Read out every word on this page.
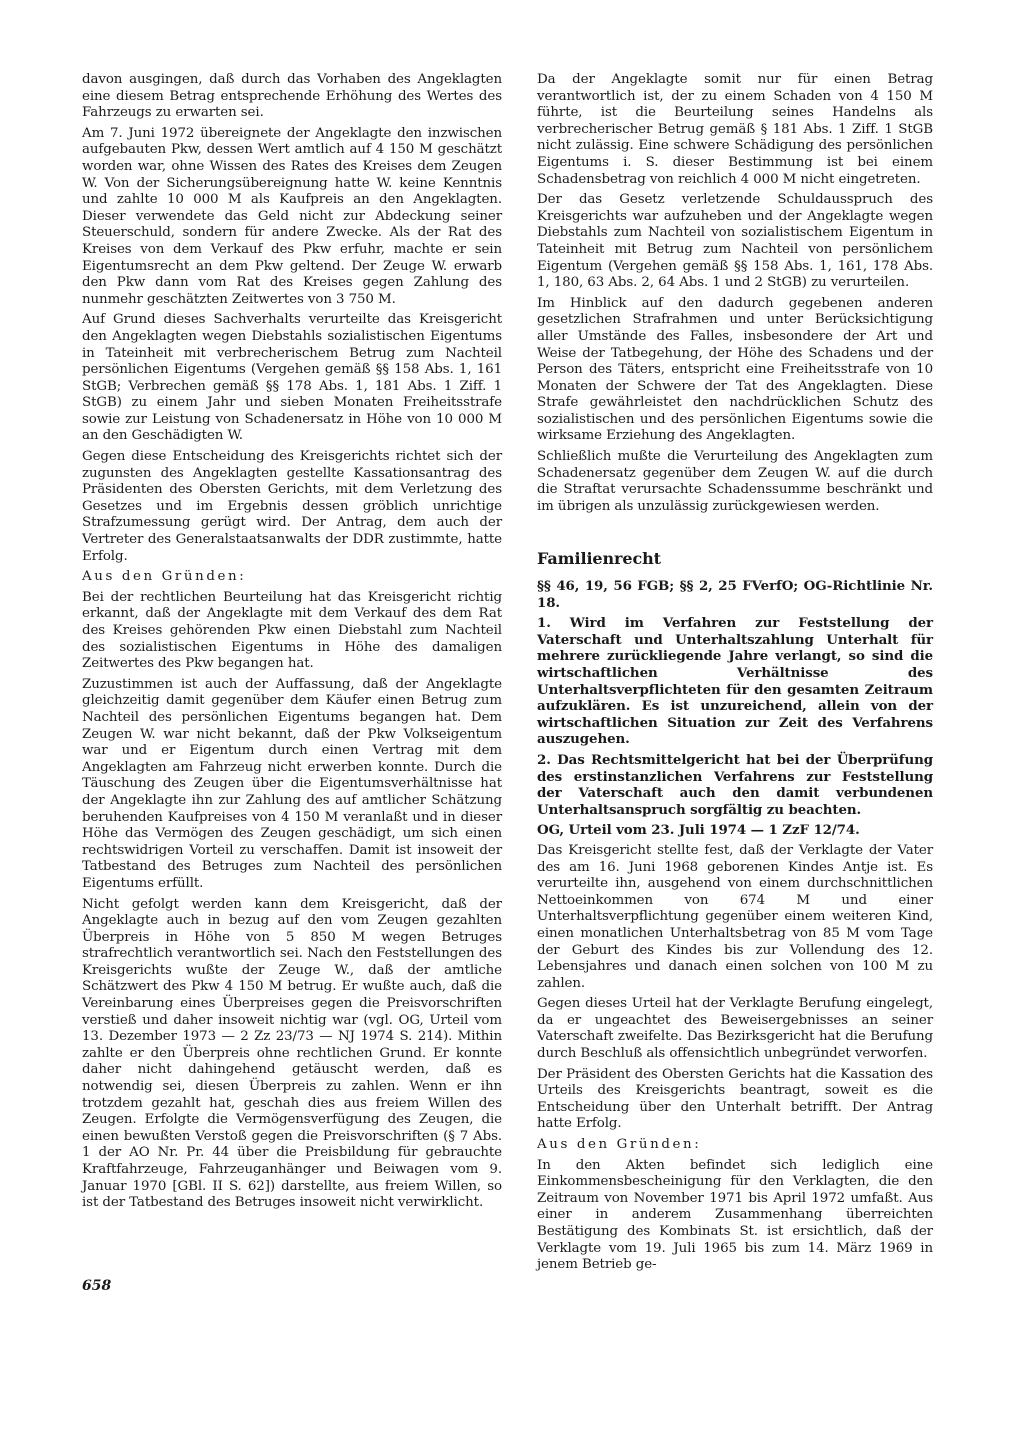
davon ausgingen, daß durch das Vorhaben des Angeklagten eine diesem Betrag entsprechende Erhöhung des Wertes des Fahrzeugs zu erwarten sei.

Am 7. Juni 1972 übereignete der Angeklagte den inzwischen aufgebauten Pkw, dessen Wert amtlich auf 4 150 M geschätzt worden war, ohne Wissen des Rates des Kreises dem Zeugen W. Von der Sicherungsübereignung hatte W. keine Kenntnis und zahlte 10 000 M als Kaufpreis an den Angeklagten. Dieser verwendete das Geld nicht zur Abdeckung seiner Steuerschuld, sondern für andere Zwecke. Als der Rat des Kreises von dem Verkauf des Pkw erfuhr, machte er sein Eigentumsrecht an dem Pkw geltend. Der Zeuge W. erwarb den Pkw dann vom Rat des Kreises gegen Zahlung des nunmehr geschätzten Zeitwertes von 3 750 M.

Auf Grund dieses Sachverhalts verurteilte das Kreisgericht den Angeklagten wegen Diebstahls sozialistischen Eigentums in Tateinheit mit verbrecherischem Betrug zum Nachteil persönlichen Eigentums (Vergehen gemäß §§ 158 Abs. 1, 161 StGB; Verbrechen gemäß §§ 178 Abs. 1, 181 Abs. 1 Ziff. 1 StGB) zu einem Jahr und sieben Monaten Freiheitsstrafe sowie zur Leistung von Schadenersatz in Höhe von 10 000 M an den Geschädigten W.

Gegen diese Entscheidung des Kreisgerichts richtet sich der zugunsten des Angeklagten gestellte Kassationsantrag des Präsidenten des Obersten Gerichts, mit dem Verletzung des Gesetzes und im Ergebnis dessen gröblich unrichtige Strafzumessung gerügt wird. Der Antrag, dem auch der Vertreter des Generalstaatsanwalts der DDR zustimmte, hatte Erfolg.

Aus den Gründen:

Bei der rechtlichen Beurteilung hat das Kreisgericht richtig erkannt, daß der Angeklagte mit dem Verkauf des dem Rat des Kreises gehörenden Pkw einen Diebstahl zum Nachteil des sozialistischen Eigentums in Höhe des damaligen Zeitwertes des Pkw begangen hat.

Zuzustimmen ist auch der Auffassung, daß der Angeklagte gleichzeitig damit gegenüber dem Käufer einen Betrug zum Nachteil des persönlichen Eigentums begangen hat. Dem Zeugen W. war nicht bekannt, daß der Pkw Volkseigentum war und er Eigentum durch einen Vertrag mit dem Angeklagten am Fahrzeug nicht erwerben konnte. Durch die Täuschung des Zeugen über die Eigentumsverhältnisse hat der Angeklagte ihn zur Zahlung des auf amtlicher Schätzung beruhenden Kaufpreises von 4 150 M veranlaßt und in dieser Höhe das Vermögen des Zeugen geschädigt, um sich einen rechtswidrigen Vorteil zu verschaffen. Damit ist insoweit der Tatbestand des Betruges zum Nachteil des persönlichen Eigentums erfüllt.

Nicht gefolgt werden kann dem Kreisgericht, daß der Angeklagte auch in bezug auf den vom Zeugen gezahlten Überpreis in Höhe von 5 850 M wegen Betruges strafrechtlich verantwortlich sei. Nach den Feststellungen des Kreisgerichts wußte der Zeuge W., daß der amtliche Schätzwert des Pkw 4 150 M betrug. Er wußte auch, daß die Vereinbarung eines Überpreises gegen die Preisvorschriften verstieß und daher insoweit nichtig war (vgl. OG, Urteil vom 13. Dezember 1973 — 2 Zz 23/73 — NJ 1974 S. 214). Mithin zahlte er den Überpreis ohne rechtlichen Grund. Er konnte daher nicht dahingehend getäuscht werden, daß es notwendig sei, diesen Überpreis zu zahlen. Wenn er ihn trotzdem gezahlt hat, geschah dies aus freiem Willen des Zeugen. Erfolgte die Vermögensverfügung des Zeugen, die einen bewußten Verstoß gegen die Preisvorschriften (§ 7 Abs. 1 der AO Nr. Pr. 44 über die Preisbildung für gebrauchte Kraftfahrzeuge, Fahrzeuganhänger und Beiwagen vom 9. Januar 1970 [GBl. II S. 62]) darstellte, aus freiem Willen, so ist der Tatbestand des Betruges insoweit nicht verwirklicht.

Da der Angeklagte somit nur für einen Betrag verantwortlich ist, der zu einem Schaden von 4 150 M führte, ist die Beurteilung seines Handelns als verbrecherischer Betrug gemäß § 181 Abs. 1 Ziff. 1 StGB nicht zulässig. Eine schwere Schädigung des persönlichen Eigentums i. S. dieser Bestimmung ist bei einem Schadensbetrag von reichlich 4 000 M nicht eingetreten.

Der das Gesetz verletzende Schuldausspruch des Kreisgerichts war aufzuheben und der Angeklagte wegen Diebstahls zum Nachteil von sozialistischem Eigentum in Tateinheit mit Betrug zum Nachteil von persönlichem Eigentum (Vergehen gemäß §§ 158 Abs. 1, 161, 178 Abs. 1, 180, 63 Abs. 2, 64 Abs. 1 und 2 StGB) zu verurteilen.

Im Hinblick auf den dadurch gegebenen anderen gesetzlichen Strafrahmen und unter Berücksichtigung aller Umstände des Falles, insbesondere der Art und Weise der Tatbegehung, der Höhe des Schadens und der Person des Täters, entspricht eine Freiheitsstrafe von 10 Monaten der Schwere der Tat des Angeklagten. Diese Strafe gewährleistet den nachdrücklichen Schutz des sozialistischen und des persönlichen Eigentums sowie die wirksame Erziehung des Angeklagten.

Schließlich mußte die Verurteilung des Angeklagten zum Schadenersatz gegenüber dem Zeugen W. auf die durch die Straftat verursachte Schadenssumme beschränkt und im übrigen als unzulässig zurückgewiesen werden.

Familienrecht

§§ 46, 19, 56 FGB; §§ 2, 25 FVerfO; OG-Richtlinie Nr. 18.

1. Wird im Verfahren zur Feststellung der Vaterschaft und Unterhaltszahlung Unterhalt für mehrere zurückliegende Jahre verlangt, so sind die wirtschaftlichen Verhältnisse des Unterhaltsverpflichteten für den gesamten Zeitraum aufzuklären. Es ist unzureichend, allein von der wirtschaftlichen Situation zur Zeit des Verfahrens auszugehen.

2. Das Rechtsmittelgericht hat bei der Überprüfung des erstinstanzlichen Verfahrens zur Feststellung der Vaterschaft auch den damit verbundenen Unterhaltsanspruch sorgfältig zu beachten.

OG, Urteil vom 23. Juli 1974 — 1 ZzF 12/74.

Das Kreisgericht stellte fest, daß der Verklagte der Vater des am 16. Juni 1968 geborenen Kindes Antje ist. Es verurteilte ihn, ausgehend von einem durchschnittlichen Nettoeinkommen von 674 M und einer Unterhaltsverpflichtung gegenüber einem weiteren Kind, einen monatlichen Unterhaltsbetrag von 85 M vom Tage der Geburt des Kindes bis zur Vollendung des 12. Lebensjahres und danach einen solchen von 100 M zu zahlen.

Gegen dieses Urteil hat der Verklagte Berufung eingelegt, da er ungeachtet des Beweisergebnisses an seiner Vaterschaft zweifelte. Das Bezirksgericht hat die Berufung durch Beschluß als offensichtlich unbegründet verworfen.

Der Präsident des Obersten Gerichts hat die Kassation des Urteils des Kreisgerichts beantragt, soweit es die Entscheidung über den Unterhalt betrifft. Der Antrag hatte Erfolg.

Aus den Gründen:

In den Akten befindet sich lediglich eine Einkommensbescheinigung für den Verklagten, die den Zeitraum von November 1971 bis April 1972 umfaßt. Aus einer in anderem Zusammenhang überreichten Bestätigung des Kombinats St. ist ersichtlich, daß der Verklagte vom 19. Juli 1965 bis zum 14. März 1969 in jenem Betrieb ge-

658
